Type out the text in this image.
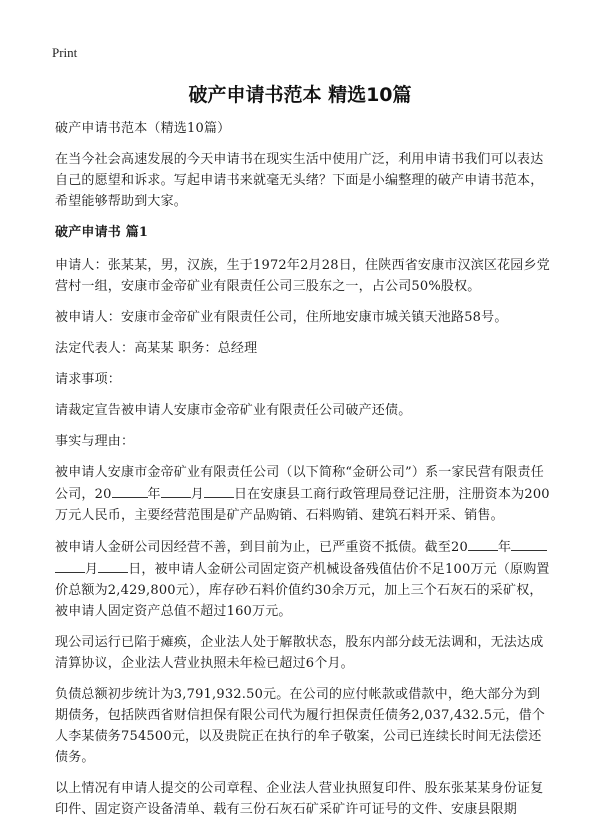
Print
破产申请书范本 精选10篇

破产申请书范本（精选10篇）

在当今社会高速发展的今天申请书在现实生活中使用广泛，利用申请书我们可以表达自己的愿望和诉求。写起申请书来就毫无头绪？下面是小编整理的破产申请书范本，希望能够帮助到大家。

破产申请书 篇1

申请人：张某某，男，汉族，生于1972年2月28日，住陕西省安康市汉滨区花园乡党营村一组，安康市金帝矿业有限责任公司三股东之一，占公司50%股权。

被申请人：安康市金帝矿业有限责任公司，住所地安康市城关镇天池路58号。

法定代表人：高某某 职务：总经理

请求事项：

请裁定宣告被申请人安康市金帝矿业有限责任公司破产还债。

事实与理由：

被申请人安康市金帝矿业有限责任公司（以下简称“金研公司”）系一家民营有限责任公司，20	年 月 日在安康县工商行政管理局登记注册，注册资本为200万元人民币，主要经营范围是矿产品购销、石料购销、建筑石料开采、销售。

被申请人金研公司因经营不善，到目前为止，已严重资不抵债。截至20 年 月 日，被申请人金研公司固定资产机械设备残值估价不足100万元（原购置价总额为2,429,800元），库存砂石料价值约30余万元，加上三个石灰石的采矿权，被申请人固定资产总值不超过160万元。

现公司运行已陷于瘫痪，企业法人处于解散状态，股东内部分歧无法调和，无法达成清算协议，企业法人营业执照未年检已超过6个月。

负债总额初步统计为3,791,932.50元。在公司的应付帐款或借款中，绝大部分为到期债务，包括陕西省财信担保有限公司代为履行担保责任债务2,037,432.5元，借个人李某债务754500元，以及贵院正在执行的牟子敬案，公司已连续长时间无法偿还债务。

以上情况有申请人提交的公司章程、企业法人营业执照复印件、股东张某某身份证复印件、固定资产设备清单、载有三份石灰石矿采矿许可证号的文件、安康县限期
